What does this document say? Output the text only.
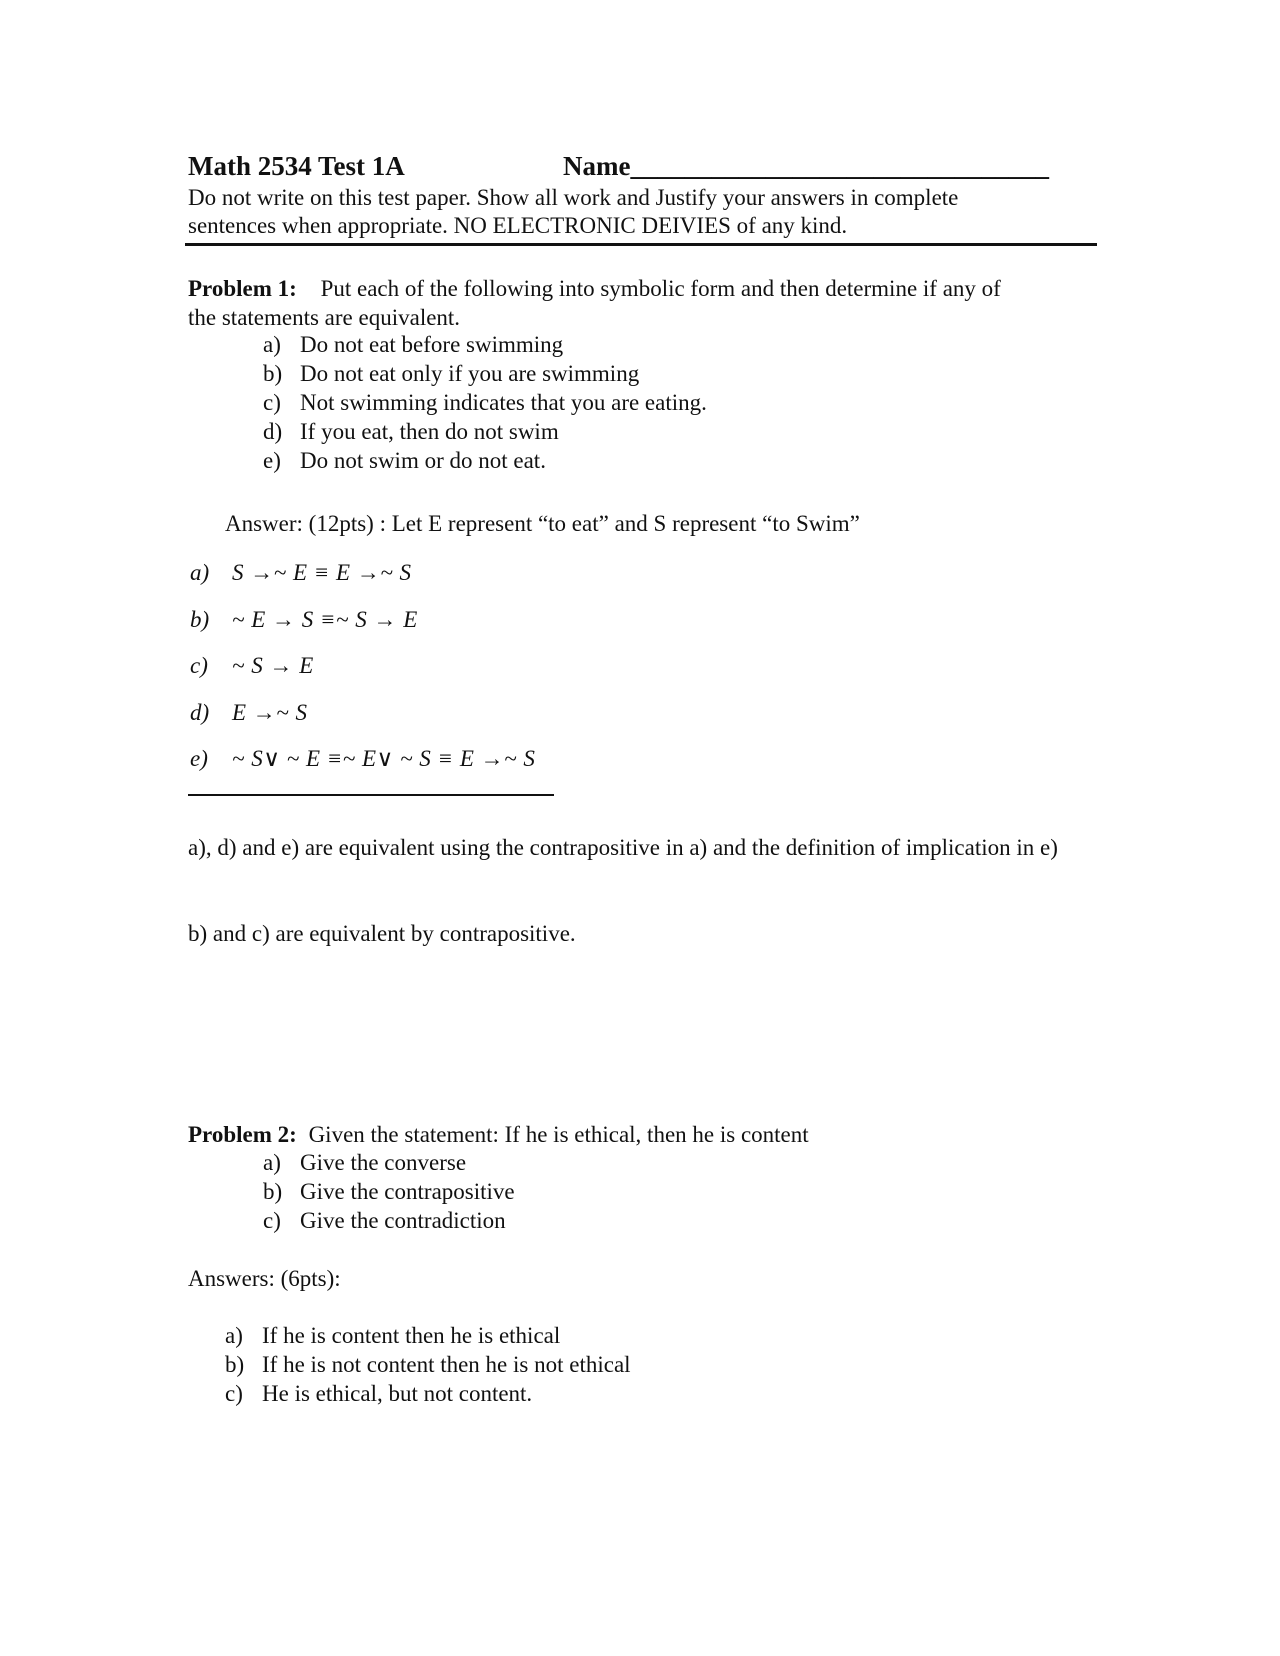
Math 2534 Test 1A	Name_______________________________
Do not write on this test paper. Show all work and Justify your answers in complete
sentences when appropriate. NO ELECTRONIC DEIVIES of any kind.
Problem 1: Put each of the following into symbolic form and then determine if any of
the statements are equivalent.
a) Do not eat before swimming
b) Do not eat only if you are swimming
c) Not swimming indicates that you are eating.
d) If you eat, then do not swim
e) Do not swim or do not eat.
Answer: (12pts) : Let E represent “to eat” and S represent “to Swim”
a) S →~ E ≡ E →~ S
b) ~ E → S ≡~ S → E
c)	~ S → E
d) E →~ S
e)	~ S∨ ~ E ≡~ E∨ ~ S ≡ E →~ S
a), d) and e) are equivalent using the contrapositive in a) and the definition of implication in e)
b) and c) are equivalent by contrapositive.
Problem 2: Given the statement: If he is ethical, then he is content
a) Give the converse
b) Give the contrapositive
c) Give the contradiction
Answers: (6pts):
a) If he is content then he is ethical
b) If he is not content then he is not ethical
c) He is ethical, but not content.
